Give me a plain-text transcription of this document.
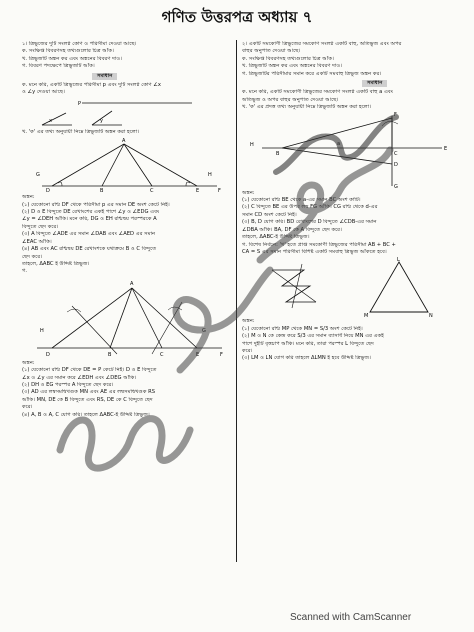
গণিত উত্তরপত্র অধ্যায় ৭
১। ত্রিভুজের দুটি সংলগ্ন কোণ ও পরিসীমা দেওয়া আছে।
ক. সংক্ষিপ্ত বিবরণসহ তথ্যগুলোর চিত্র আঁক।
খ. ত্রিভুজটি অঙ্কন কর এবং অঙ্কনের বিবরণ দাও।
গ. বিবরণ পদক্ষেপে ত্রিভুজটি আঁক।
সমাধান
ক. মনে করি, একটি ত্রিভুজের পরিসীমা p এবং দুটি সংলগ্ন কোণ ∠x
ও ∠y দেওয়া আছে।
P
x	y
খ. 'ক' এর তথ্য অনুযায়ী নিম্নে ত্রিভুজটি অঙ্কন করা হলো।
A
D	B	C	E
H
G
F
অঙ্কন:
(১) যেকোনো রশ্মি DF থেকে পরিসীমা p এর সমান DE অংশ কেটে নিই।
(২) D ও E বিন্দুতে DE রেখাংশের একই পাশে ∠y ও ∠EDG এবং
∠y = ∠DEH আঁকি। মনে করি, DG ও EH রশ্মিদ্বয় পরস্পরকে A
বিন্দুতে ছেদ করে।
(৩) A বিন্দুতে ∠ADE এর সমান ∠DAB এবং ∠AED এর সমান
∠EAC আঁকি।
(৪) AB এবং AC রশ্মিদ্বয় DE রেখাংশকে যথাক্রমে B ও C বিন্দুতে
ছেদ করে।
তাহলে, ΔABC ই উদ্দিষ্ট ত্রিভুজ।
গ.
A
D	B	C	E
G
H
F
অঙ্কন:
(১) যেকোনো রশ্মি DF থেকে DE = P কেটে নিই। D ও E বিন্দুতে
∠x ও ∠y এর সমান করে ∠EDH এবং ∠DEG আঁকি।
(২) DH ও EG পরস্পর A বিন্দুতে ছেদ করে।
(৩) AD এর লম্বসমদ্বিখণ্ডক MN এবং AE এর লম্বসমদ্বিখণ্ডক RS
আঁকি। MN, DE কে B বিন্দুতে এবং RS, DE কে C বিন্দুতে ছেদ
করে।
(৪) A, B ও A, C যোগ করি। তাহলে ΔABC-ই উদ্দিষ্ট ত্রিভুজ।
২। একটি সমকোণী ত্রিভুজের সমকোণ সংলগ্ন একটি বাহু, অতিভুজ এবং অপর
বাহুর অনুপাত দেওয়া আছে।
ক. সংক্ষিপ্ত বিবরণসহ তথ্যগুলোর চিত্র আঁক।
খ. ত্রিভুজটি অঙ্কন কর এবং অঙ্কনের বিবরণ দাও।
গ. ত্রিভুজটির পরিসীমার সমান করে একটি সমবাহু ত্রিভুজ অঙ্কন কর।
সমাধান
ক. মনে করি, একটি সমকোণী ত্রিভুজের সমকোণ সংলগ্ন একটি বাহু a এবং
অতিভুজ ও অপর বাহুর অনুপাত দেওয়া আছে।
খ. 'ক' এর প্রদত্ত তথ্য অনুযায়ী নিম্নে ত্রিভুজটি অঙ্কন করা হলো।
H
D
a
B	C
E
F
G
অঙ্কন:
(১) যেকোনো রশ্মি BE থেকে a-এর সমান BC অংশ কাটি।
(২) C বিন্দুতে BE এর উপর লম্ব FG আঁকি। CG রশ্মি থেকে d-এর
সমান CD অংশ কেটে নিই।
(৩) B, D যোগ করি। BD রেখাংশের D বিন্দুতে ∠CDB-এর সমান
∠DBA আঁকি। BA, DF কে A বিন্দুতে ছেদ করে।
তাহলে, ΔABC-ই উদ্দিষ্ট ত্রিভুজ।
গ. বিশেষ নির্বচন: 'খ' হতে প্রাপ্ত সমকোণী ত্রিভুজের পরিসীমা AB + BC +
CA = S এর সমান পরিসীমা বিশিষ্ট একটি সমবাহু ত্রিভুজ আঁকতে হবে।
L
M	N
অঙ্কন:
(১) যেকোনো রশ্মি MP থেকে MN = S/3 অংশ কেটে নিই।
(২) M ও N কে কেন্দ্র করে S/3 এর সমান ব্যাসার্ধ নিয়ে MN এর একই
পাশে দুইটি বৃত্তচাপ আঁকি। মনে করি, তারা পরস্পর L বিন্দুতে ছেদ
করে।
(৩) LM ও LN যোগ করি তাহলে ΔLMN ই হবে উদ্দিষ্ট ত্রিভুজ।
Scanned with CamScanner
